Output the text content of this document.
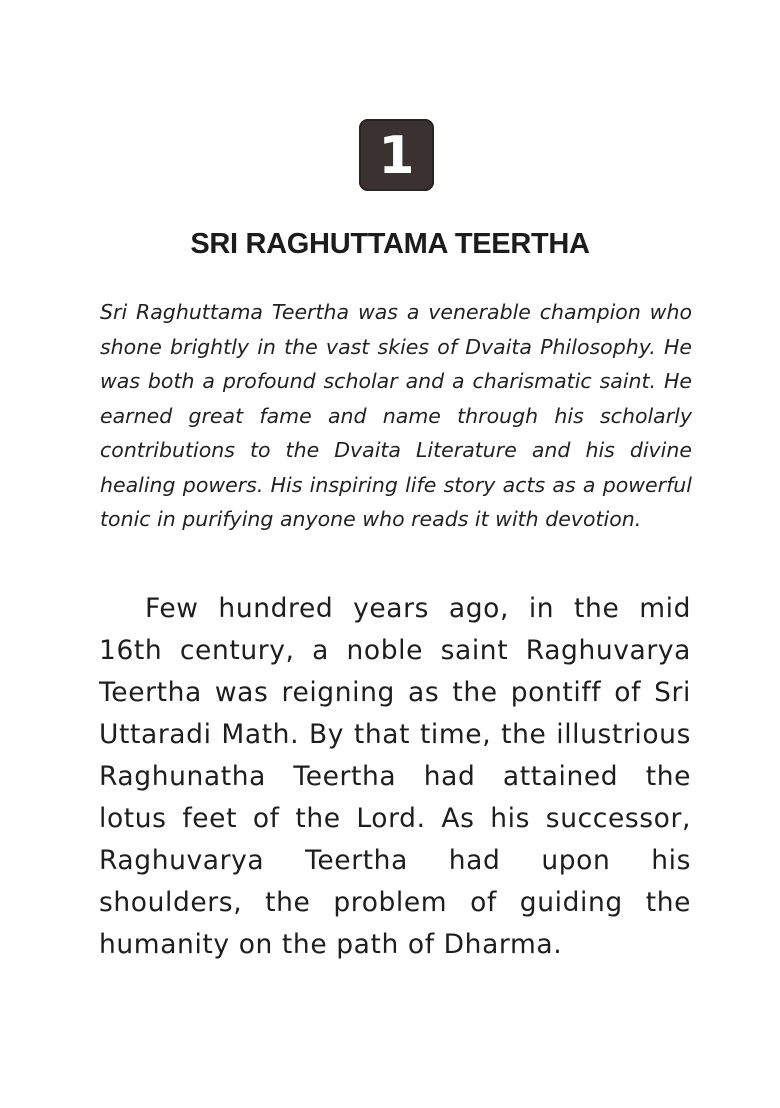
1
SRI RAGHUTTAMA TEERTHA

Sri Raghuttama Teertha was a venerable champion who shone brightly in the vast skies of Dvaita Philosophy. He was both a profound scholar and a charismatic saint. He earned great fame and name through his scholarly contributions to the Dvaita Literature and his divine healing powers. His inspiring life story acts as a powerful tonic in purifying anyone who reads it with devotion.

Few hundred years ago, in the mid 16th century, a noble saint Raghuvarya Teertha was reigning as the pontiff of Sri Uttaradi Math. By that time, the illustrious Raghunatha Teertha had attained the lotus feet of the Lord. As his successor, Raghuvarya Teertha had upon his shoulders, the problem of guiding the humanity on the path of Dharma.
